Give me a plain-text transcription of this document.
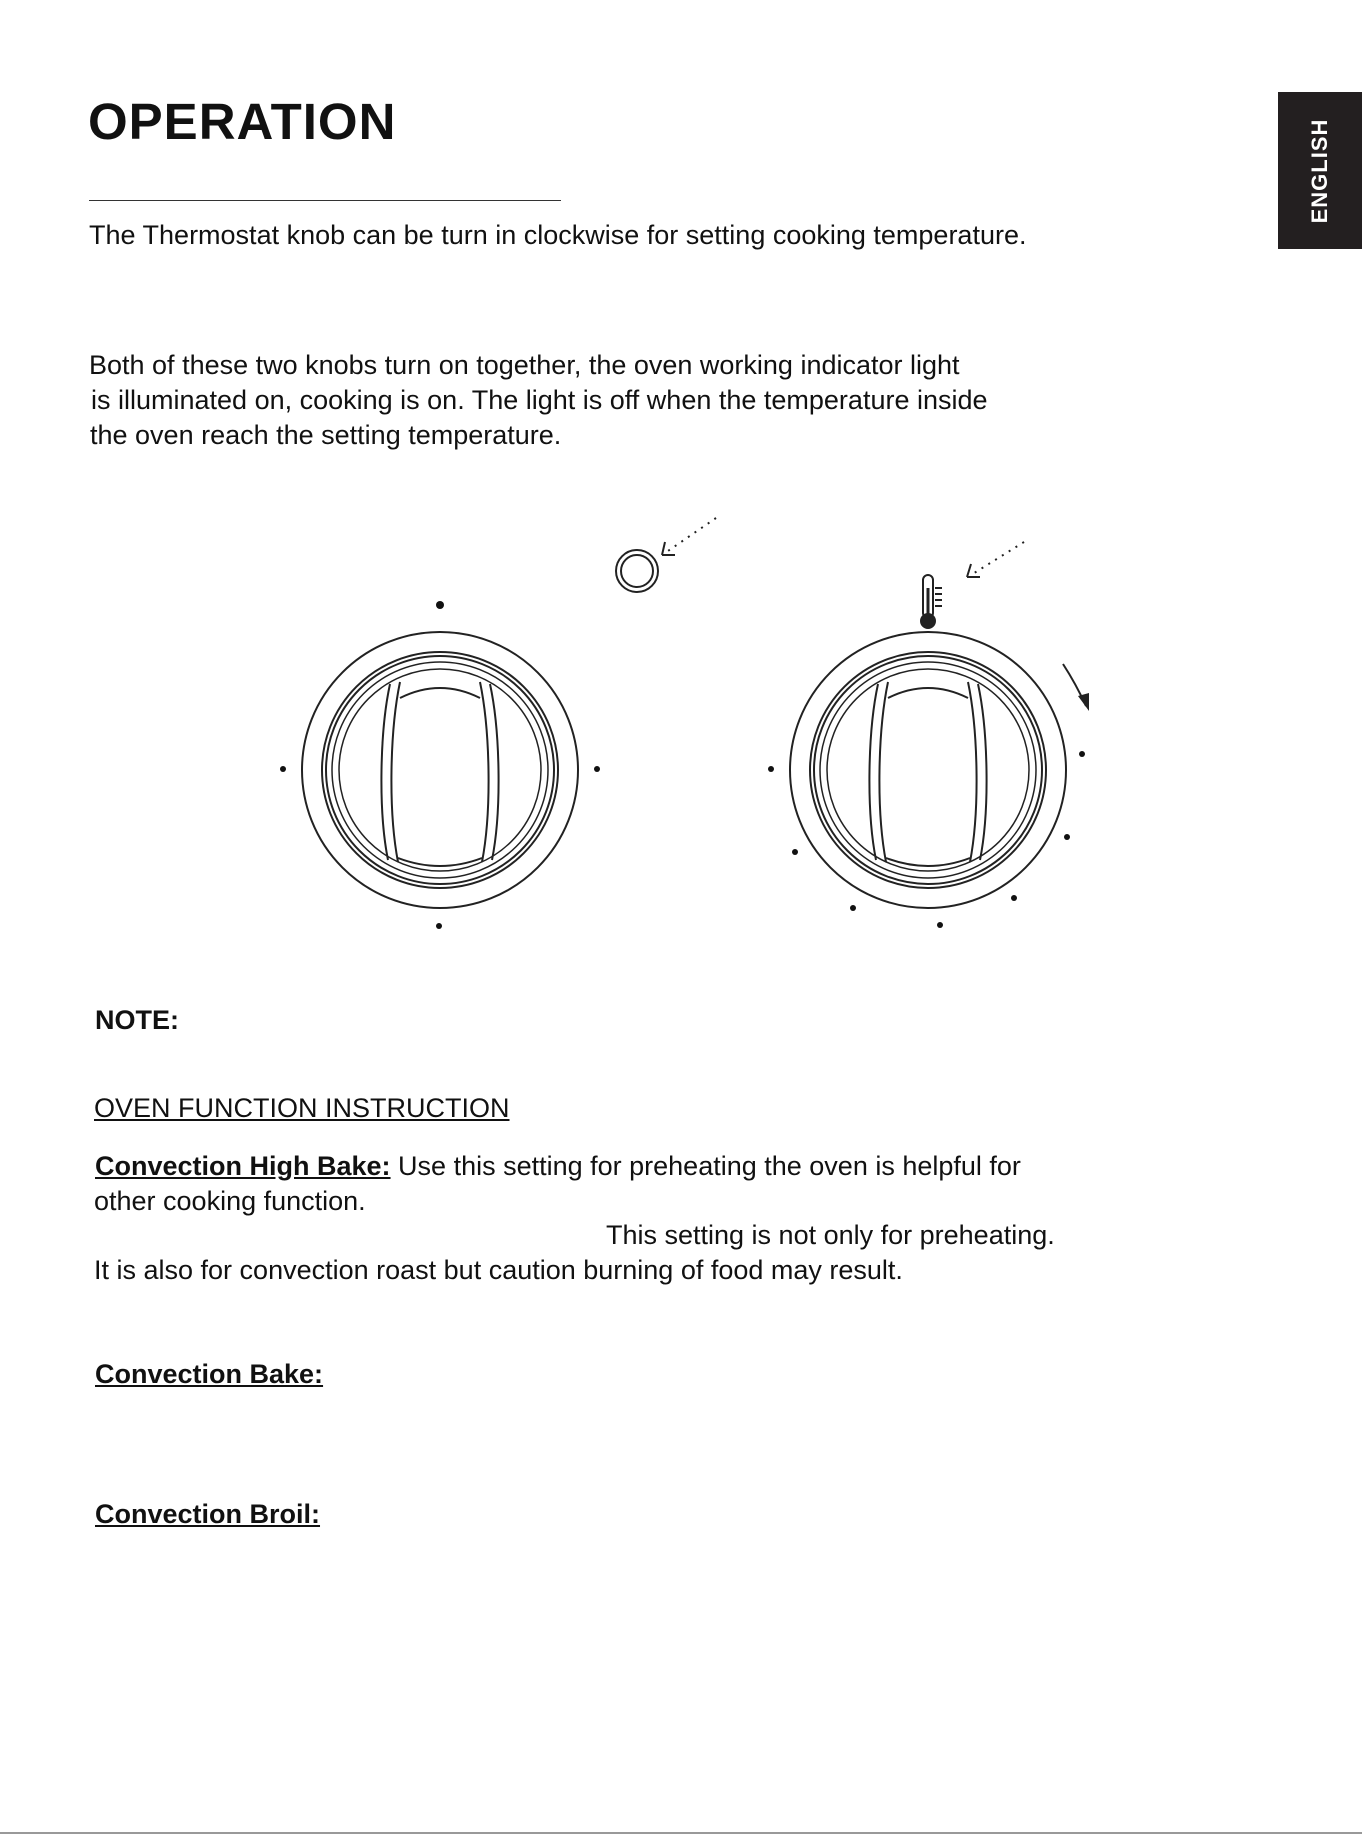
OPERATION	ENGLISH
The Thermostat knob can be turn in clockwise for setting cooking temperature.
Both of these two knobs turn on together, the oven working indicator light
is illuminated on, cooking is on. The light is off when the temperature inside
the oven reach the setting temperature.
NOTE:
OVEN FUNCTION INSTRUCTION
Convection High Bake: Use this setting for preheating the oven is helpful for
other cooking function.
This setting is not only for preheating.
It is also for convection roast but caution burning of food may result.
Convection Bake:
Convection Broil:
